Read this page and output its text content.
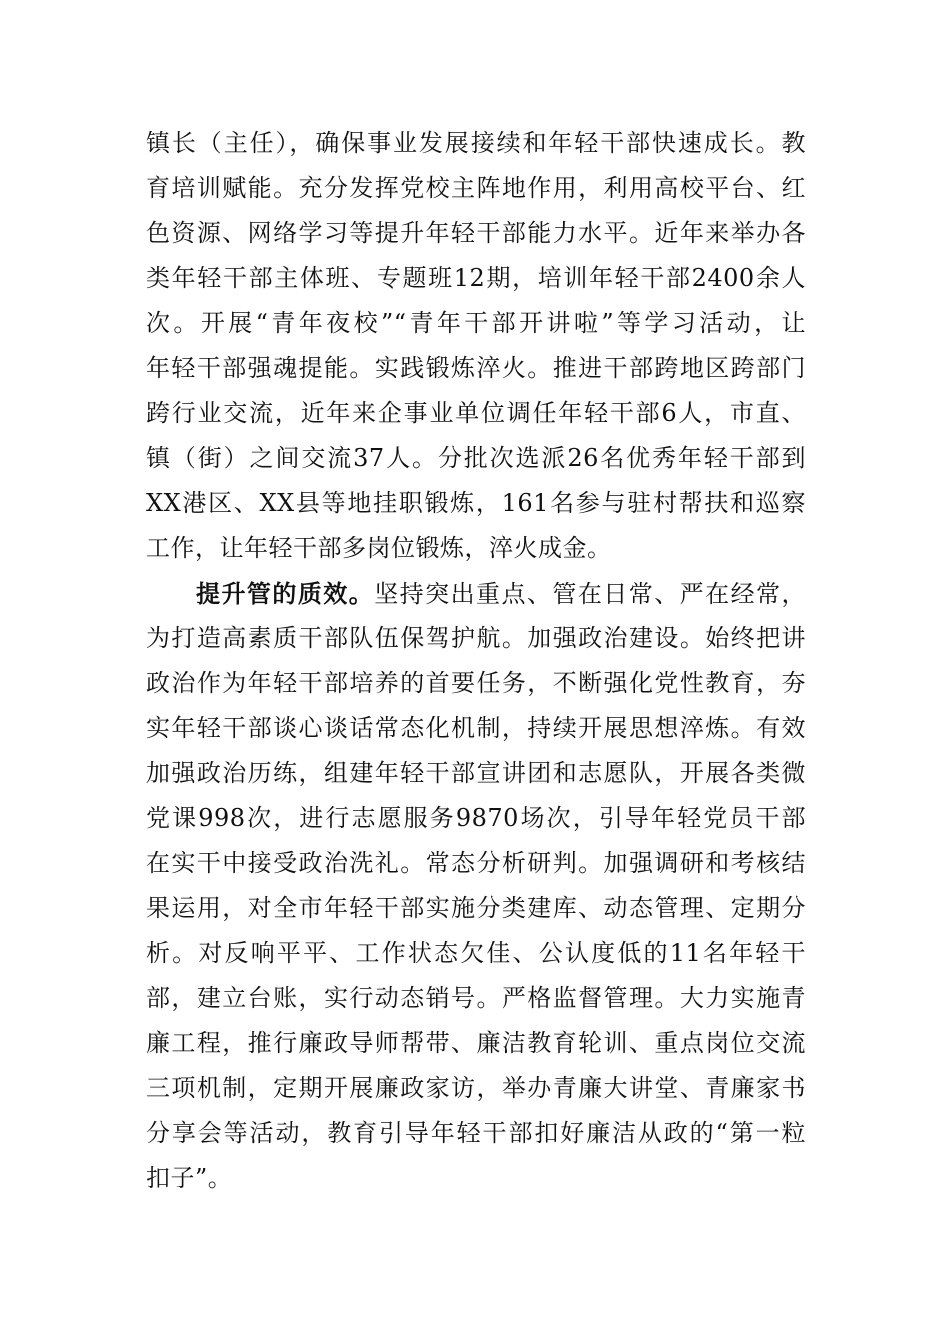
镇长（主任），确保事业发展接续和年轻干部快速成长。教
育培训赋能。充分发挥党校主阵地作用，利用高校平台、红
色资源、网络学习等提升年轻干部能力水平。近年来举办各
类年轻干部主体班、专题班12期，培训年轻干部2400余人
次。开展“青年夜校”“青年干部开讲啦”等学习活动，让
年轻干部强魂提能。实践锻炼淬火。推进干部跨地区跨部门
跨行业交流，近年来企事业单位调任年轻干部6人，市直、
镇（街）之间交流37人。分批次选派26名优秀年轻干部到
XX港区、XX县等地挂职锻炼，161名参与驻村帮扶和巡察
工作，让年轻干部多岗位锻炼，淬火成金。
提升管的质效。坚持突出重点、管在日常、严在经常，
为打造高素质干部队伍保驾护航。加强政治建设。始终把讲
政治作为年轻干部培养的首要任务，不断强化党性教育，夯
实年轻干部谈心谈话常态化机制，持续开展思想淬炼。有效
加强政治历练，组建年轻干部宣讲团和志愿队，开展各类微
党课998次，进行志愿服务9870场次，引导年轻党员干部
在实干中接受政治洗礼。常态分析研判。加强调研和考核结
果运用，对全市年轻干部实施分类建库、动态管理、定期分
析。对反响平平、工作状态欠佳、公认度低的11名年轻干
部，建立台账，实行动态销号。严格监督管理。大力实施青
廉工程，推行廉政导师帮带、廉洁教育轮训、重点岗位交流
三项机制，定期开展廉政家访，举办青廉大讲堂、青廉家书
分享会等活动，教育引导年轻干部扣好廉洁从政的“第一粒
扣子”。
